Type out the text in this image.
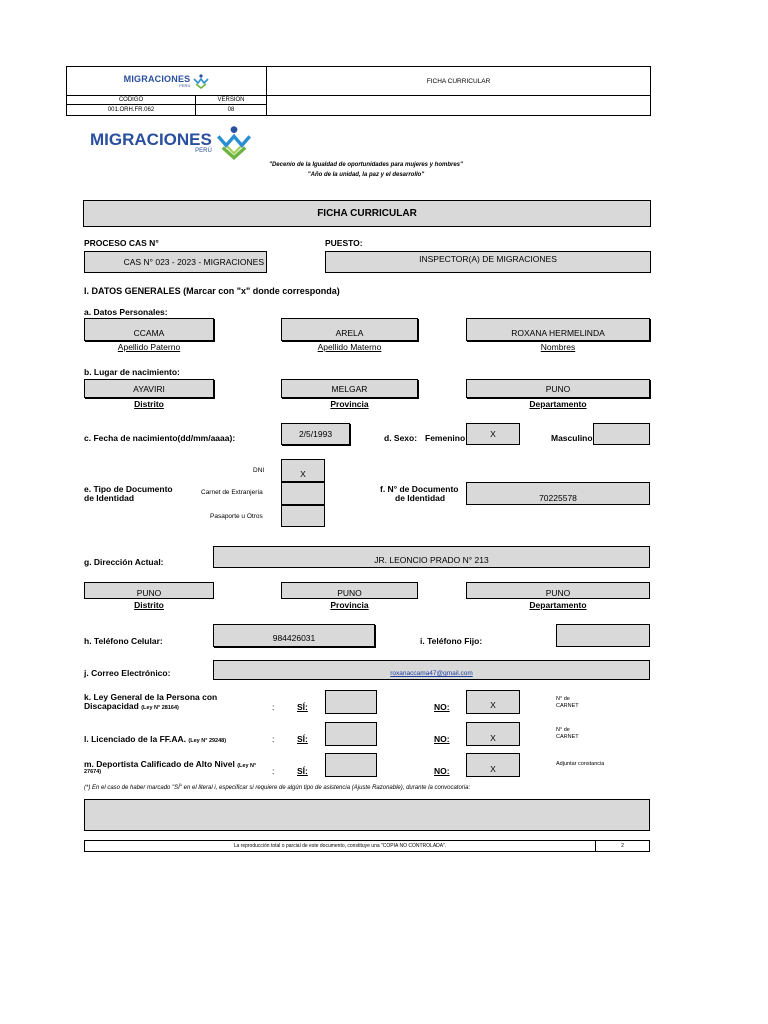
MIGRACIONES
PERÚ
FICHA CURRICULAR
CÓDIGO	VERSIÓN
001.ORH.FR.062	08
MIGRACIONES
PERÚ
"Decenio de la Igualdad de oportunidades para mujeres y hombres"
"Año de la unidad, la paz y el desarrollo"
FICHA CURRICULAR
PROCESO CAS N°
CAS N° 023 - 2023 - MIGRACIONES
PUESTO:
INSPECTOR(A) DE MIGRACIONES
I. DATOS GENERALES (Marcar con "x" donde corresponda)
a. Datos Personales:
CCAMA
Apellido Paterno
ARELA
Apellido Materno
ROXANA HERMELINDA
Nombres
b. Lugar de nacimiento:
AYAVIRI
Distrito
MELGAR
Provincia
PUNO
Departamento
c. Fecha de nacimiento(dd/mm/aaaa):	2/5/1993	d. Sexo: Femenino	X	Masculino
DNI	X
e. Tipo de Documento
de Identidad
Carnet de Extranjería
Pasaporte u Otros
f. N° de Documento
de Identidad	70225578
g. Dirección Actual:	JR. LEONCIO PRADO N° 213
PUNO
Distrito
PUNO
Provincia
PUNO
Departamento
h. Teléfono Celular:	984426031	i. Teléfono Fijo:
j. Correo Electrónico:	roxanaccama47@gmail.com
k. Ley General de la Persona con
Discapacidad (Ley N° 28164)	:	SÍ:	NO:	X
N° de CARNET
l. Licenciado de la FF.AA. (Ley N° 29248)	:	SÍ:	NO:	X
N° de CARNET
m. Deportista Calificado de Alto Nivel (Ley N°
27674)	:	SÍ:	NO:	X	Adjuntar constancia
(*) En el caso de haber marcado "SÍ" en el literal i, especificar si requiere de algún tipo de asistencia (Ajuste Razonable), durante la convocatoria:
La reproducción total o parcial de este documento, constituye una "COPIA NO CONTROLADA".	2
